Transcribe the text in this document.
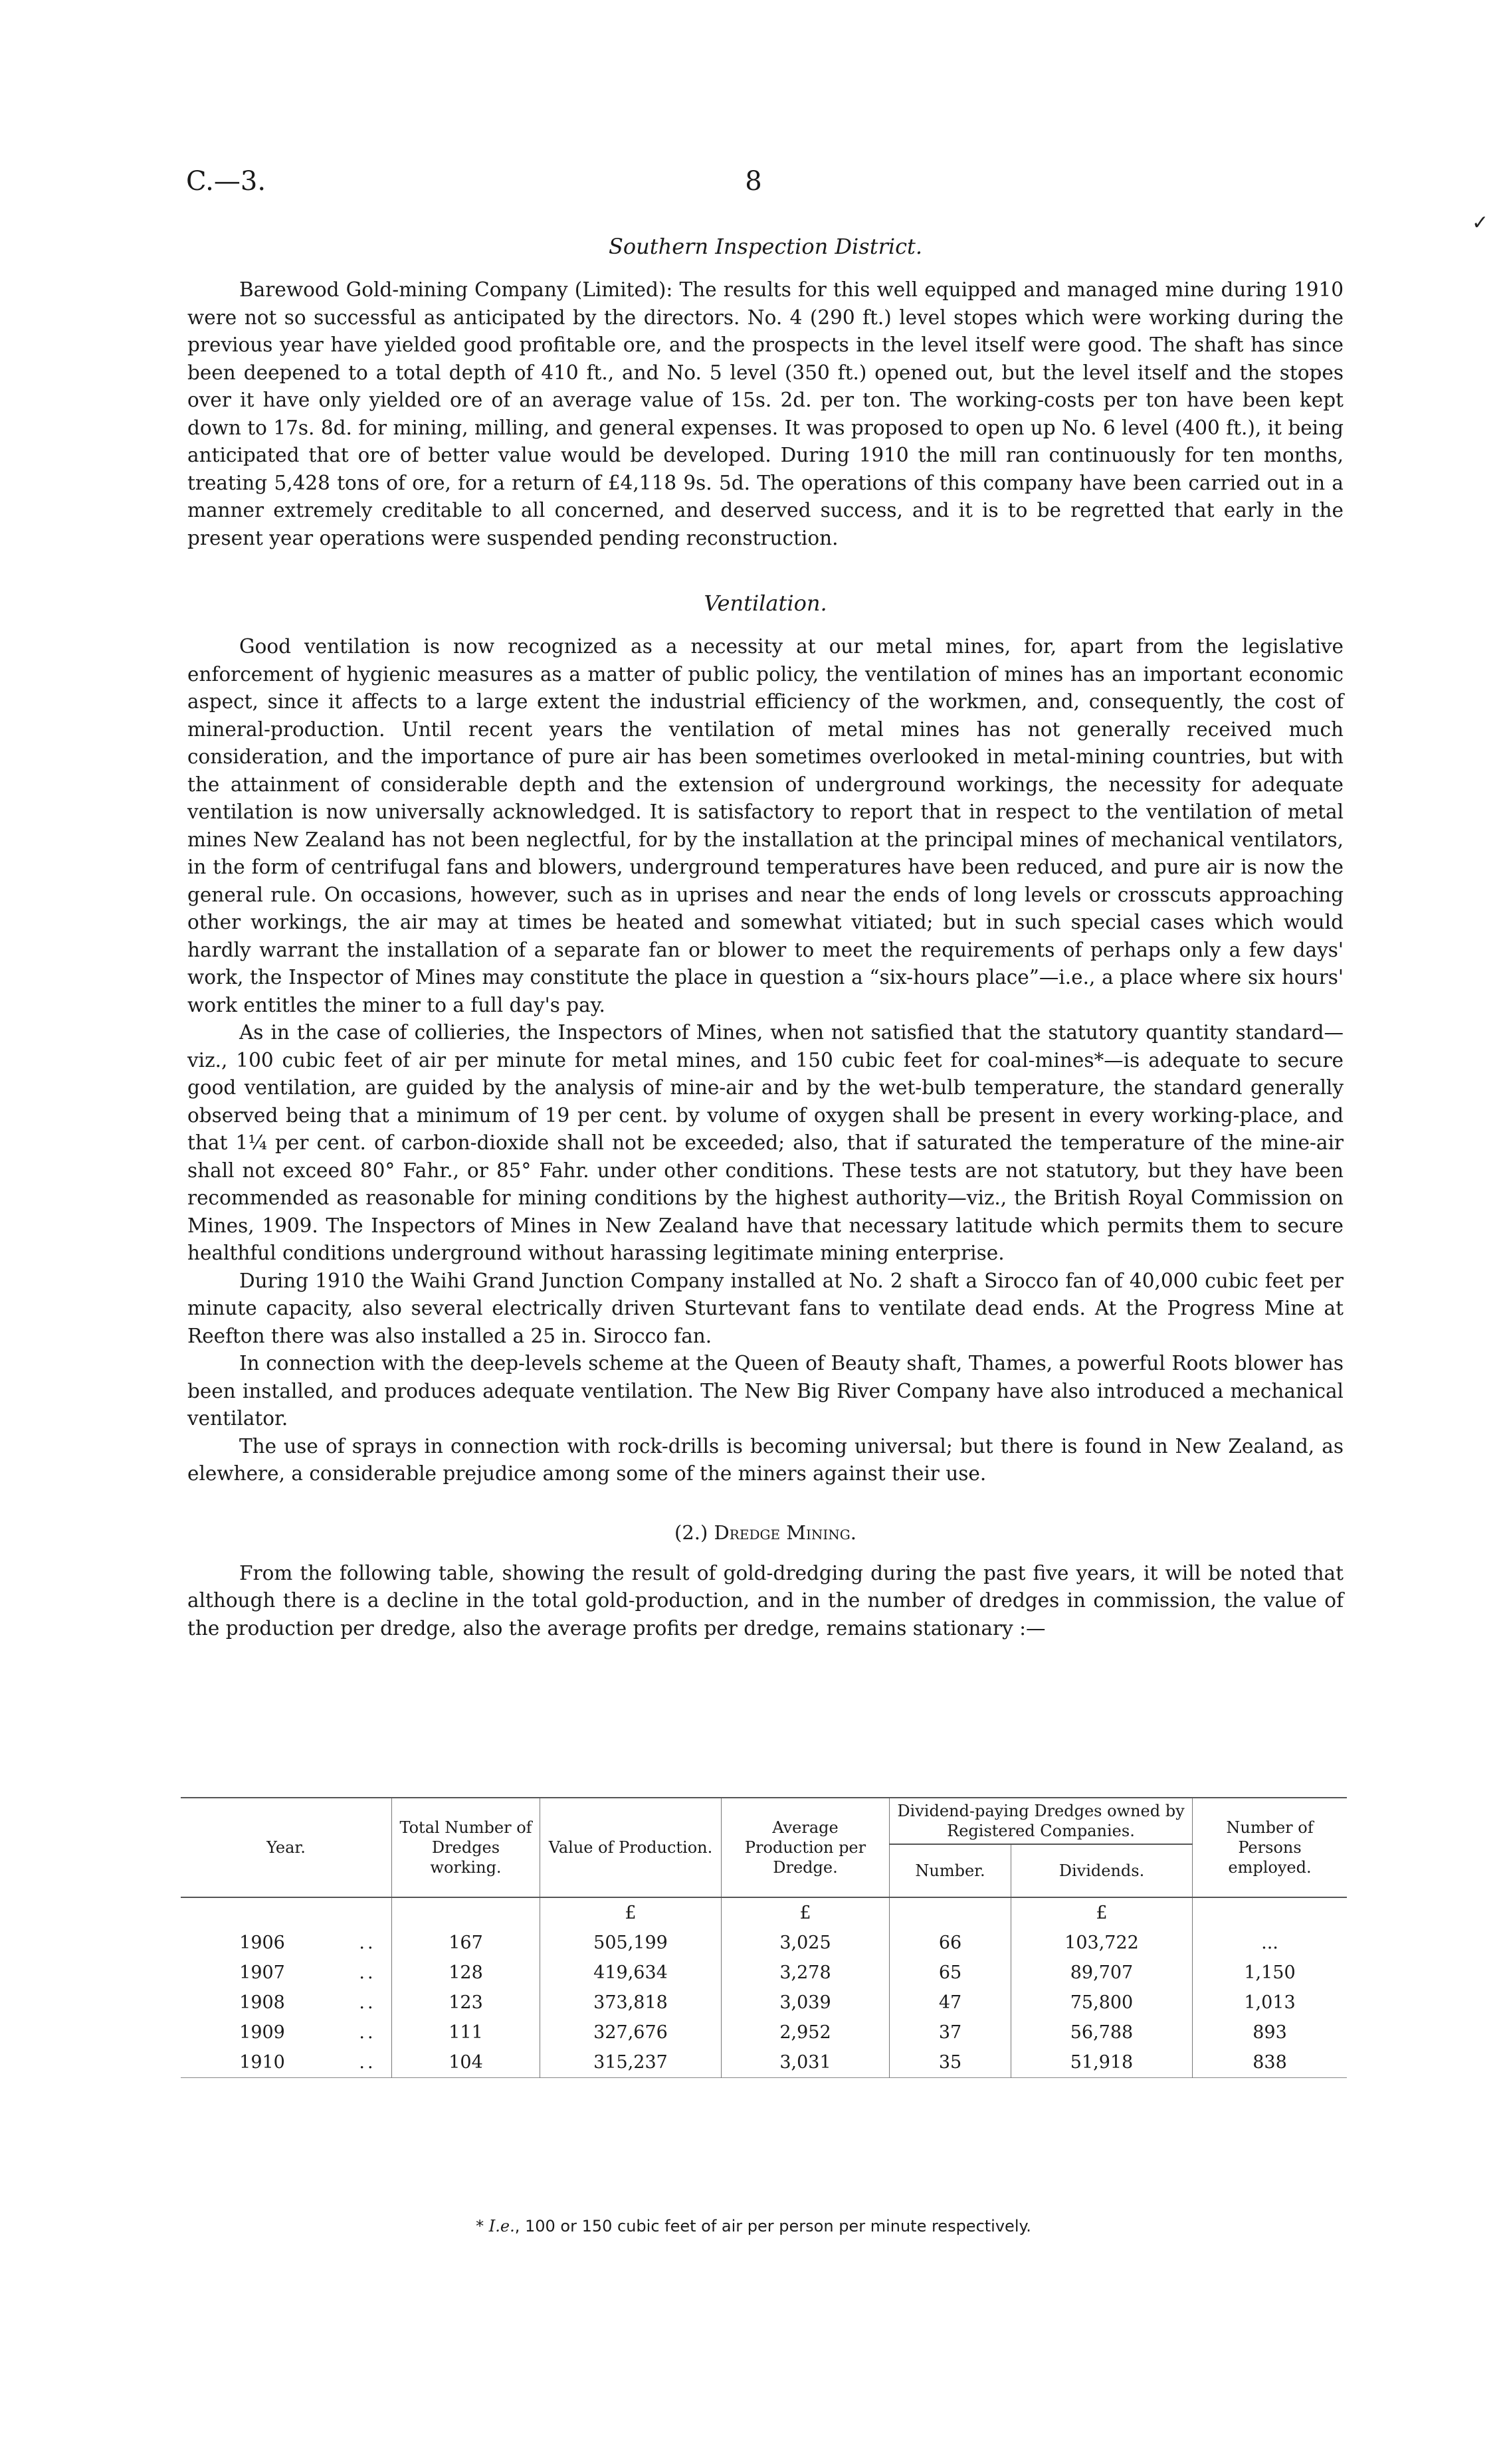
C.—3.	8
✓
Southern Inspection District.

Barewood Gold-mining Company (Limited): The results for this well equipped and managed mine during 1910 were not so successful as anticipated by the directors. No. 4 (290 ft.) level stopes which were working during the previous year have yielded good profitable ore, and the prospects in the level itself were good. The shaft has since been deepened to a total depth of 410 ft., and No. 5 level (350 ft.) opened out, but the level itself and the stopes over it have only yielded ore of an average value of 15s. 2d. per ton. The working-costs per ton have been kept down to 17s. 8d. for mining, milling, and general expenses. It was proposed to open up No. 6 level (400 ft.), it being anticipated that ore of better value would be developed. During 1910 the mill ran continuously for ten months, treating 5,428 tons of ore, for a return of £4,118 9s. 5d. The operations of this company have been carried out in a manner extremely creditable to all concerned, and deserved success, and it is to be regretted that early in the present year operations were suspended pending reconstruction.

Ventilation.

Good ventilation is now recognized as a necessity at our metal mines, for, apart from the legislative enforcement of hygienic measures as a matter of public policy, the ventilation of mines has an important economic aspect, since it affects to a large extent the industrial efficiency of the workmen, and, consequently, the cost of mineral-production. Until recent years the ventilation of metal mines has not generally received much consideration, and the importance of pure air has been sometimes overlooked in metal-mining countries, but with the attainment of considerable depth and the extension of underground workings, the necessity for adequate ventilation is now universally acknowledged. It is satisfactory to report that in respect to the ventilation of metal mines New Zealand has not been neglectful, for by the installation at the principal mines of mechanical ventilators, in the form of centrifugal fans and blowers, underground temperatures have been reduced, and pure air is now the general rule. On occasions, however, such as in uprises and near the ends of long levels or crosscuts approaching other workings, the air may at times be heated and somewhat vitiated; but in such special cases which would hardly warrant the installation of a separate fan or blower to meet the requirements of perhaps only a few days' work, the Inspector of Mines may constitute the place in question a “six-hours place”—i.e., a place where six hours' work entitles the miner to a full day's pay.

As in the case of collieries, the Inspectors of Mines, when not satisfied that the statutory quantity standard—viz., 100 cubic feet of air per minute for metal mines, and 150 cubic feet for coal-mines*—is adequate to secure good ventilation, are guided by the analysis of mine-air and by the wet-bulb temperature, the standard generally observed being that a minimum of 19 per cent. by volume of oxygen shall be present in every working-place, and that 1¼ per cent. of carbon-dioxide shall not be exceeded; also, that if saturated the temperature of the mine-air shall not exceed 80° Fahr., or 85° Fahr. under other conditions. These tests are not statutory, but they have been recommended as reasonable for mining conditions by the highest authority—viz., the British Royal Commission on Mines, 1909. The Inspectors of Mines in New Zealand have that necessary latitude which permits them to secure healthful conditions underground without harassing legitimate mining enterprise.

During 1910 the Waihi Grand Junction Company installed at No. 2 shaft a Sirocco fan of 40,000 cubic feet per minute capacity, also several electrically driven Sturtevant fans to ventilate dead ends. At the Progress Mine at Reefton there was also installed a 25 in. Sirocco fan.

In connection with the deep-levels scheme at the Queen of Beauty shaft, Thames, a powerful Roots blower has been installed, and produces adequate ventilation. The New Big River Company have also introduced a mechanical ventilator.

The use of sprays in connection with rock-drills is becoming universal; but there is found in New Zealand, as elewhere, a considerable prejudice among some of the miners against their use.

(2.) Dredge Mining.

From the following table, showing the result of gold-dredging during the past five years, it will be noted that although there is a decline in the total gold-production, and in the number of dredges in commission, the value of the production per dredge, also the average profits per dredge, remains stationary :—

Year.		Total Number of Dredges working.	Value of Production.	Average Production per Dredge.	Dividend-paying Dredges owned by Registered Companies.		Number of Persons employed.
					Number.	Dividends.	
			£	£		£	
1906	..	167	505,199	3,025	66	103,722	...
1907	..	128	419,634	3,278	65	89,707	1,150
1908	..	123	373,818	3,039	47	75,800	1,013
1909	..	111	327,676	2,952	37	56,788	893
1910	..	104	315,237	3,031	35	51,918	838
* I.e., 100 or 150 cubic feet of air per person per minute respectively.
